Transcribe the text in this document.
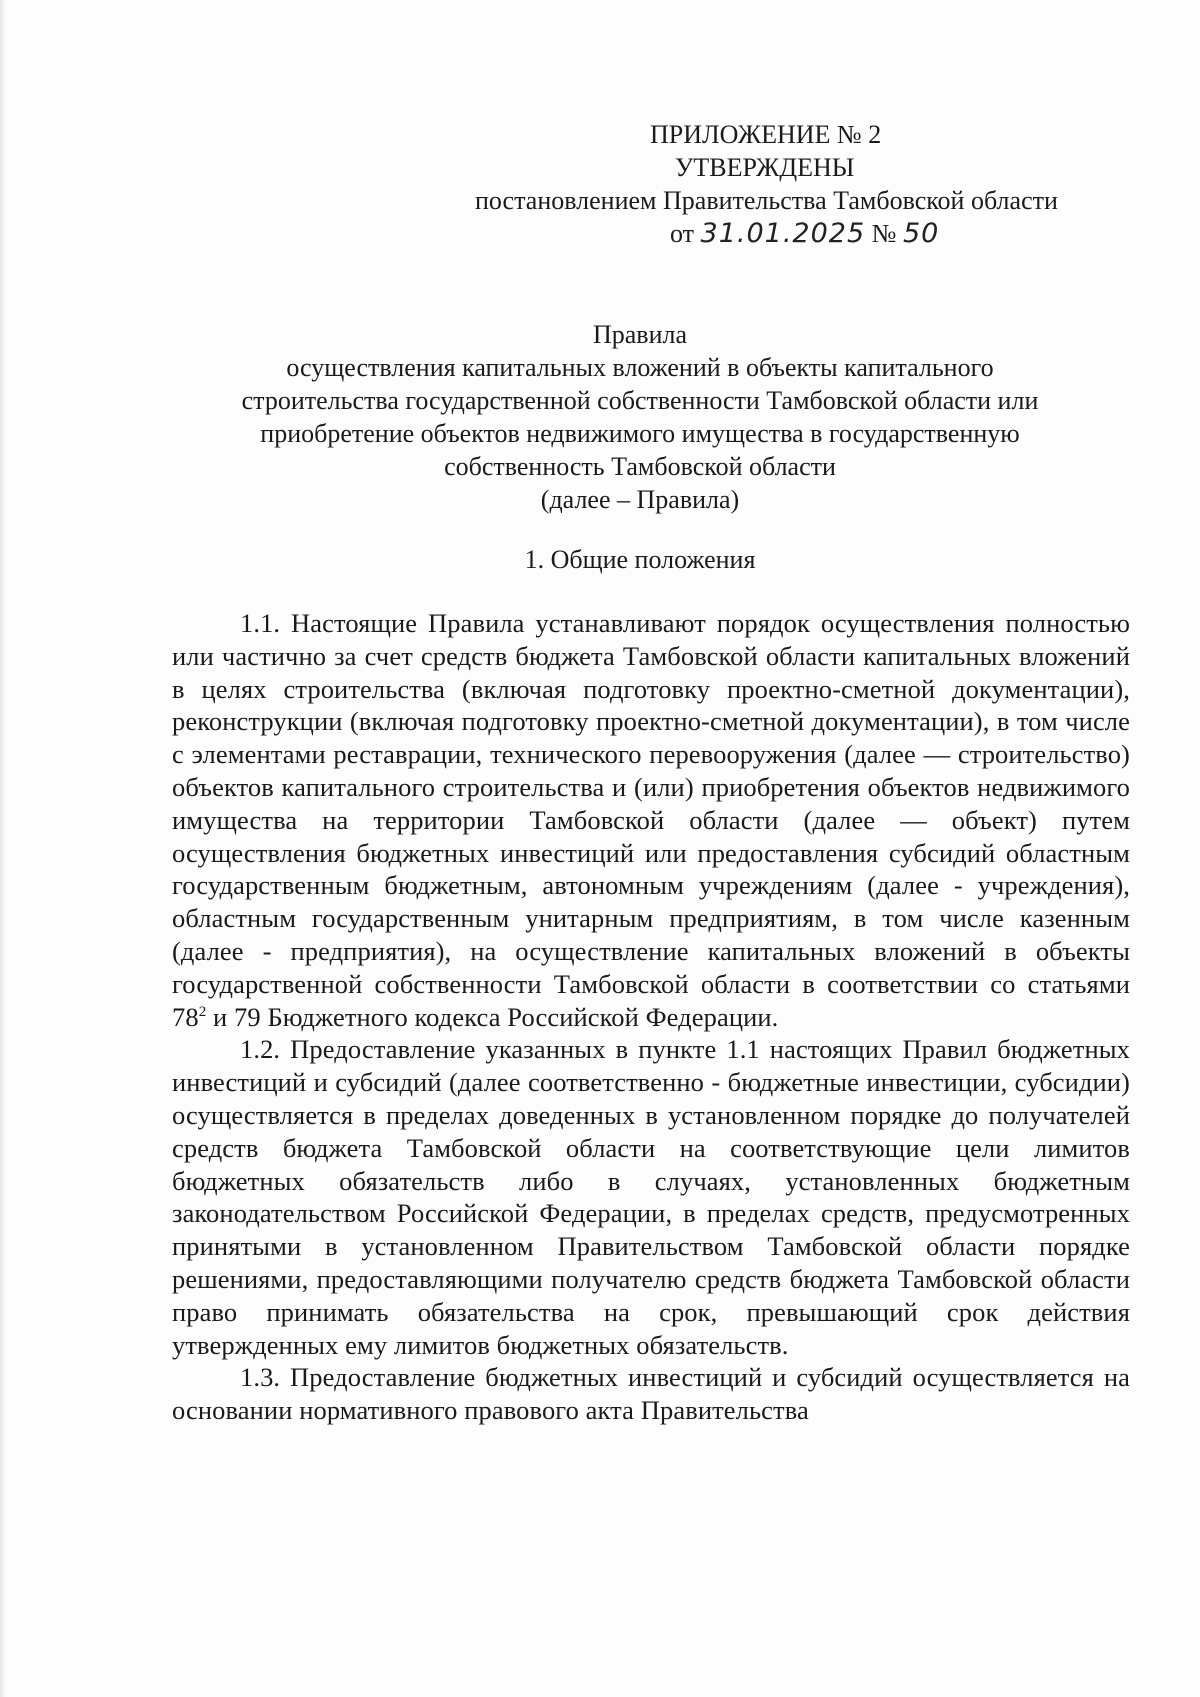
ПРИЛОЖЕНИЕ № 2
УТВЕРЖДЕНЫ
постановлением Правительства Тамбовской области
от 31.01.2025 № 50
Правила
осуществления капитальных вложений в объекты капитального
строительства государственной собственности Тамбовской области или
приобретение объектов недвижимого имущества в государственную
собственность Тамбовской области
(далее – Правила)
1. Общие положения

1.1. Настоящие Правила устанавливают порядок осуществления полностью или частично за счет средств бюджета Тамбовской области капитальных вложений в целях строительства (включая подготовку проектно-сметной документации), реконструкции (включая подготовку проектно-сметной документации), в том числе с элементами реставрации, технического перевооружения (далее — строительство) объектов капитального строительства и (или) приобретения объектов недвижимого имущества на территории Тамбовской области (далее — объект) путем осуществления бюджетных инвестиций или предоставления субсидий областным государственным бюджетным, автономным учреждениям (далее - учреждения), областным государственным унитарным предприятиям, в том числе казенным (далее - предприятия), на осуществление капитальных вложений в объекты государственной собственности Тамбовской области в соответствии со статьями $78^2$ и 79 Бюджетного кодекса Российской Федерации.

1.2. Предоставление указанных в пункте 1.1 настоящих Правил бюджетных инвестиций и субсидий (далее соответственно - бюджетные инвестиции, субсидии) осуществляется в пределах доведенных в установленном порядке до получателей средств бюджета Тамбовской области на соответствующие цели лимитов бюджетных обязательств либо в случаях, установленных бюджетным законодательством Российской Федерации, в пределах средств, предусмотренных принятыми в установленном Правительством Тамбовской области порядке решениями, предоставляющими получателю средств бюджета Тамбовской области право принимать обязательства на срок, превышающий срок действия утвержденных ему лимитов бюджетных обязательств.

1.3. Предоставление бюджетных инвестиций и субсидий осуществляется на основании нормативного правового акта Правительства
